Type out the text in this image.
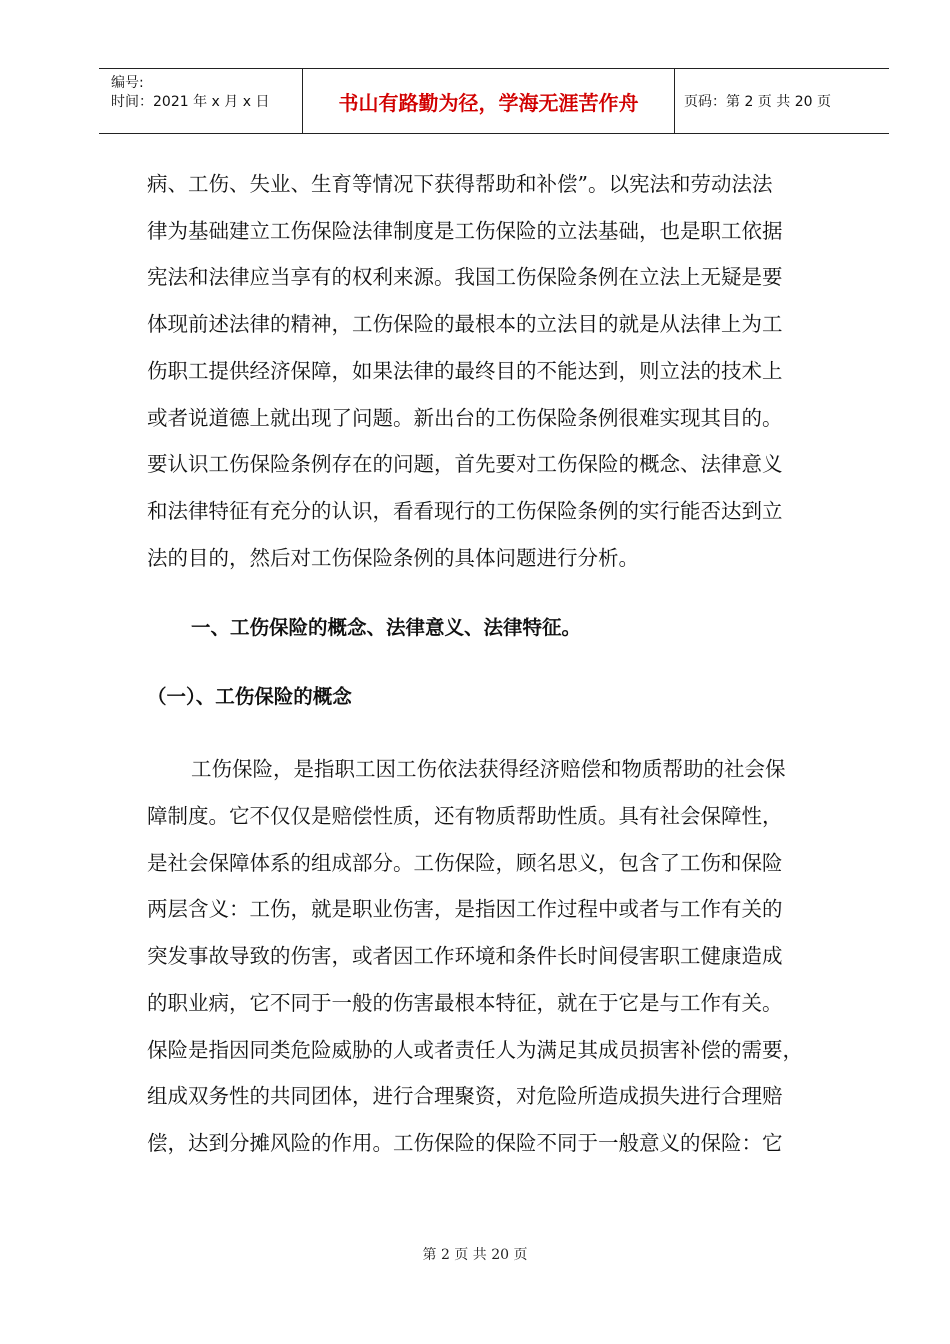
编号:
时间：2021 年 x 月 x 日	书山有路勤为径，学海无涯苦作舟	页码：第 2 页 共 20 页
病、工伤、失业、生育等情况下获得帮助和补偿”。以宪法和劳动法法
律为基础建立工伤保险法律制度是工伤保险的立法基础，也是职工依据
宪法和法律应当享有的权利来源。我国工伤保险条例在立法上无疑是要
体现前述法律的精神，工伤保险的最根本的立法目的就是从法律上为工
伤职工提供经济保障，如果法律的最终目的不能达到，则立法的技术上
或者说道德上就出现了问题。新出台的工伤保险条例很难实现其目的。
要认识工伤保险条例存在的问题，首先要对工伤保险的概念、法律意义
和法律特征有充分的认识，看看现行的工伤保险条例的实行能否达到立
法的目的，然后对工伤保险条例的具体问题进行分析。
一、工伤保险的概念、法律意义、法律特征。
（一）、工伤保险的概念
工伤保险，是指职工因工伤依法获得经济赔偿和物质帮助的社会保
障制度。它不仅仅是赔偿性质，还有物质帮助性质。具有社会保障性，
是社会保障体系的组成部分。工伤保险，顾名思义，包含了工伤和保险
两层含义：工伤，就是职业伤害，是指因工作过程中或者与工作有关的
突发事故导致的伤害，或者因工作环境和条件长时间侵害职工健康造成
的职业病，它不同于一般的伤害最根本特征，就在于它是与工作有关。
保险是指因同类危险威胁的人或者责任人为满足其成员损害补偿的需要，
组成双务性的共同团体，进行合理聚资，对危险所造成损失进行合理赔
偿，达到分摊风险的作用。工伤保险的保险不同于一般意义的保险：它
第 2 页 共 20 页
